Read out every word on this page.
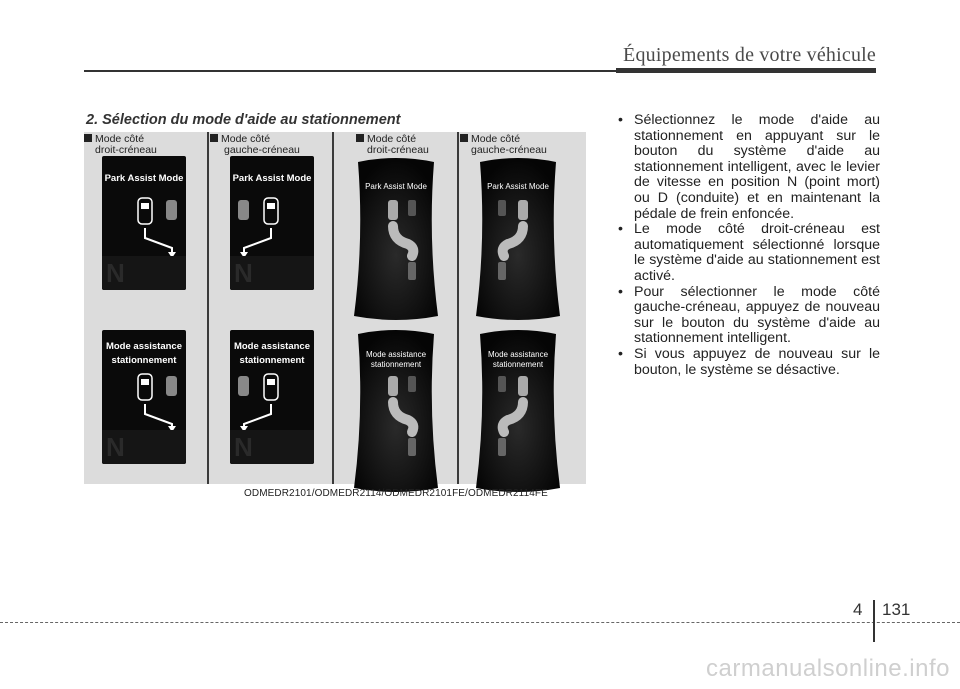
Équipements de votre véhicule
2. Sélection du mode d'aide au stationnement
Mode côté
droit-créneau
Mode côté
gauche-créneau
Mode côté
droit-créneau
Mode côté
gauche-créneau
Park Assist Mode
N
Mode assistance
stationnement
N
Park Assist Mode
N
Mode assistance
stationnement
N
Park Assist Mode
Mode assistance
stationnement
Park Assist Mode
Mode assistance
stationnement
ODMEDR2101/ODMEDR2114/ODMEDR2101FE/ODMEDR2114FE
• Sélectionnez le mode d'aide au stationnement en appuyant sur le bouton du système d'aide au stationnement intelligent, avec le levier de vitesse en position N (point mort) ou D (conduite) et en maintenant la pédale de frein enfoncée.
• Le mode côté droit-créneau est automatiquement sélectionné lorsque le système d'aide au stationnement est activé.
• Pour sélectionner le mode côté gauche-créneau, appuyez de nouveau sur le bouton du système d'aide au stationnement intelligent.
• Si vous appuyez de nouveau sur le bouton, le système se désactive.
4 131
carmanualsonline.info
